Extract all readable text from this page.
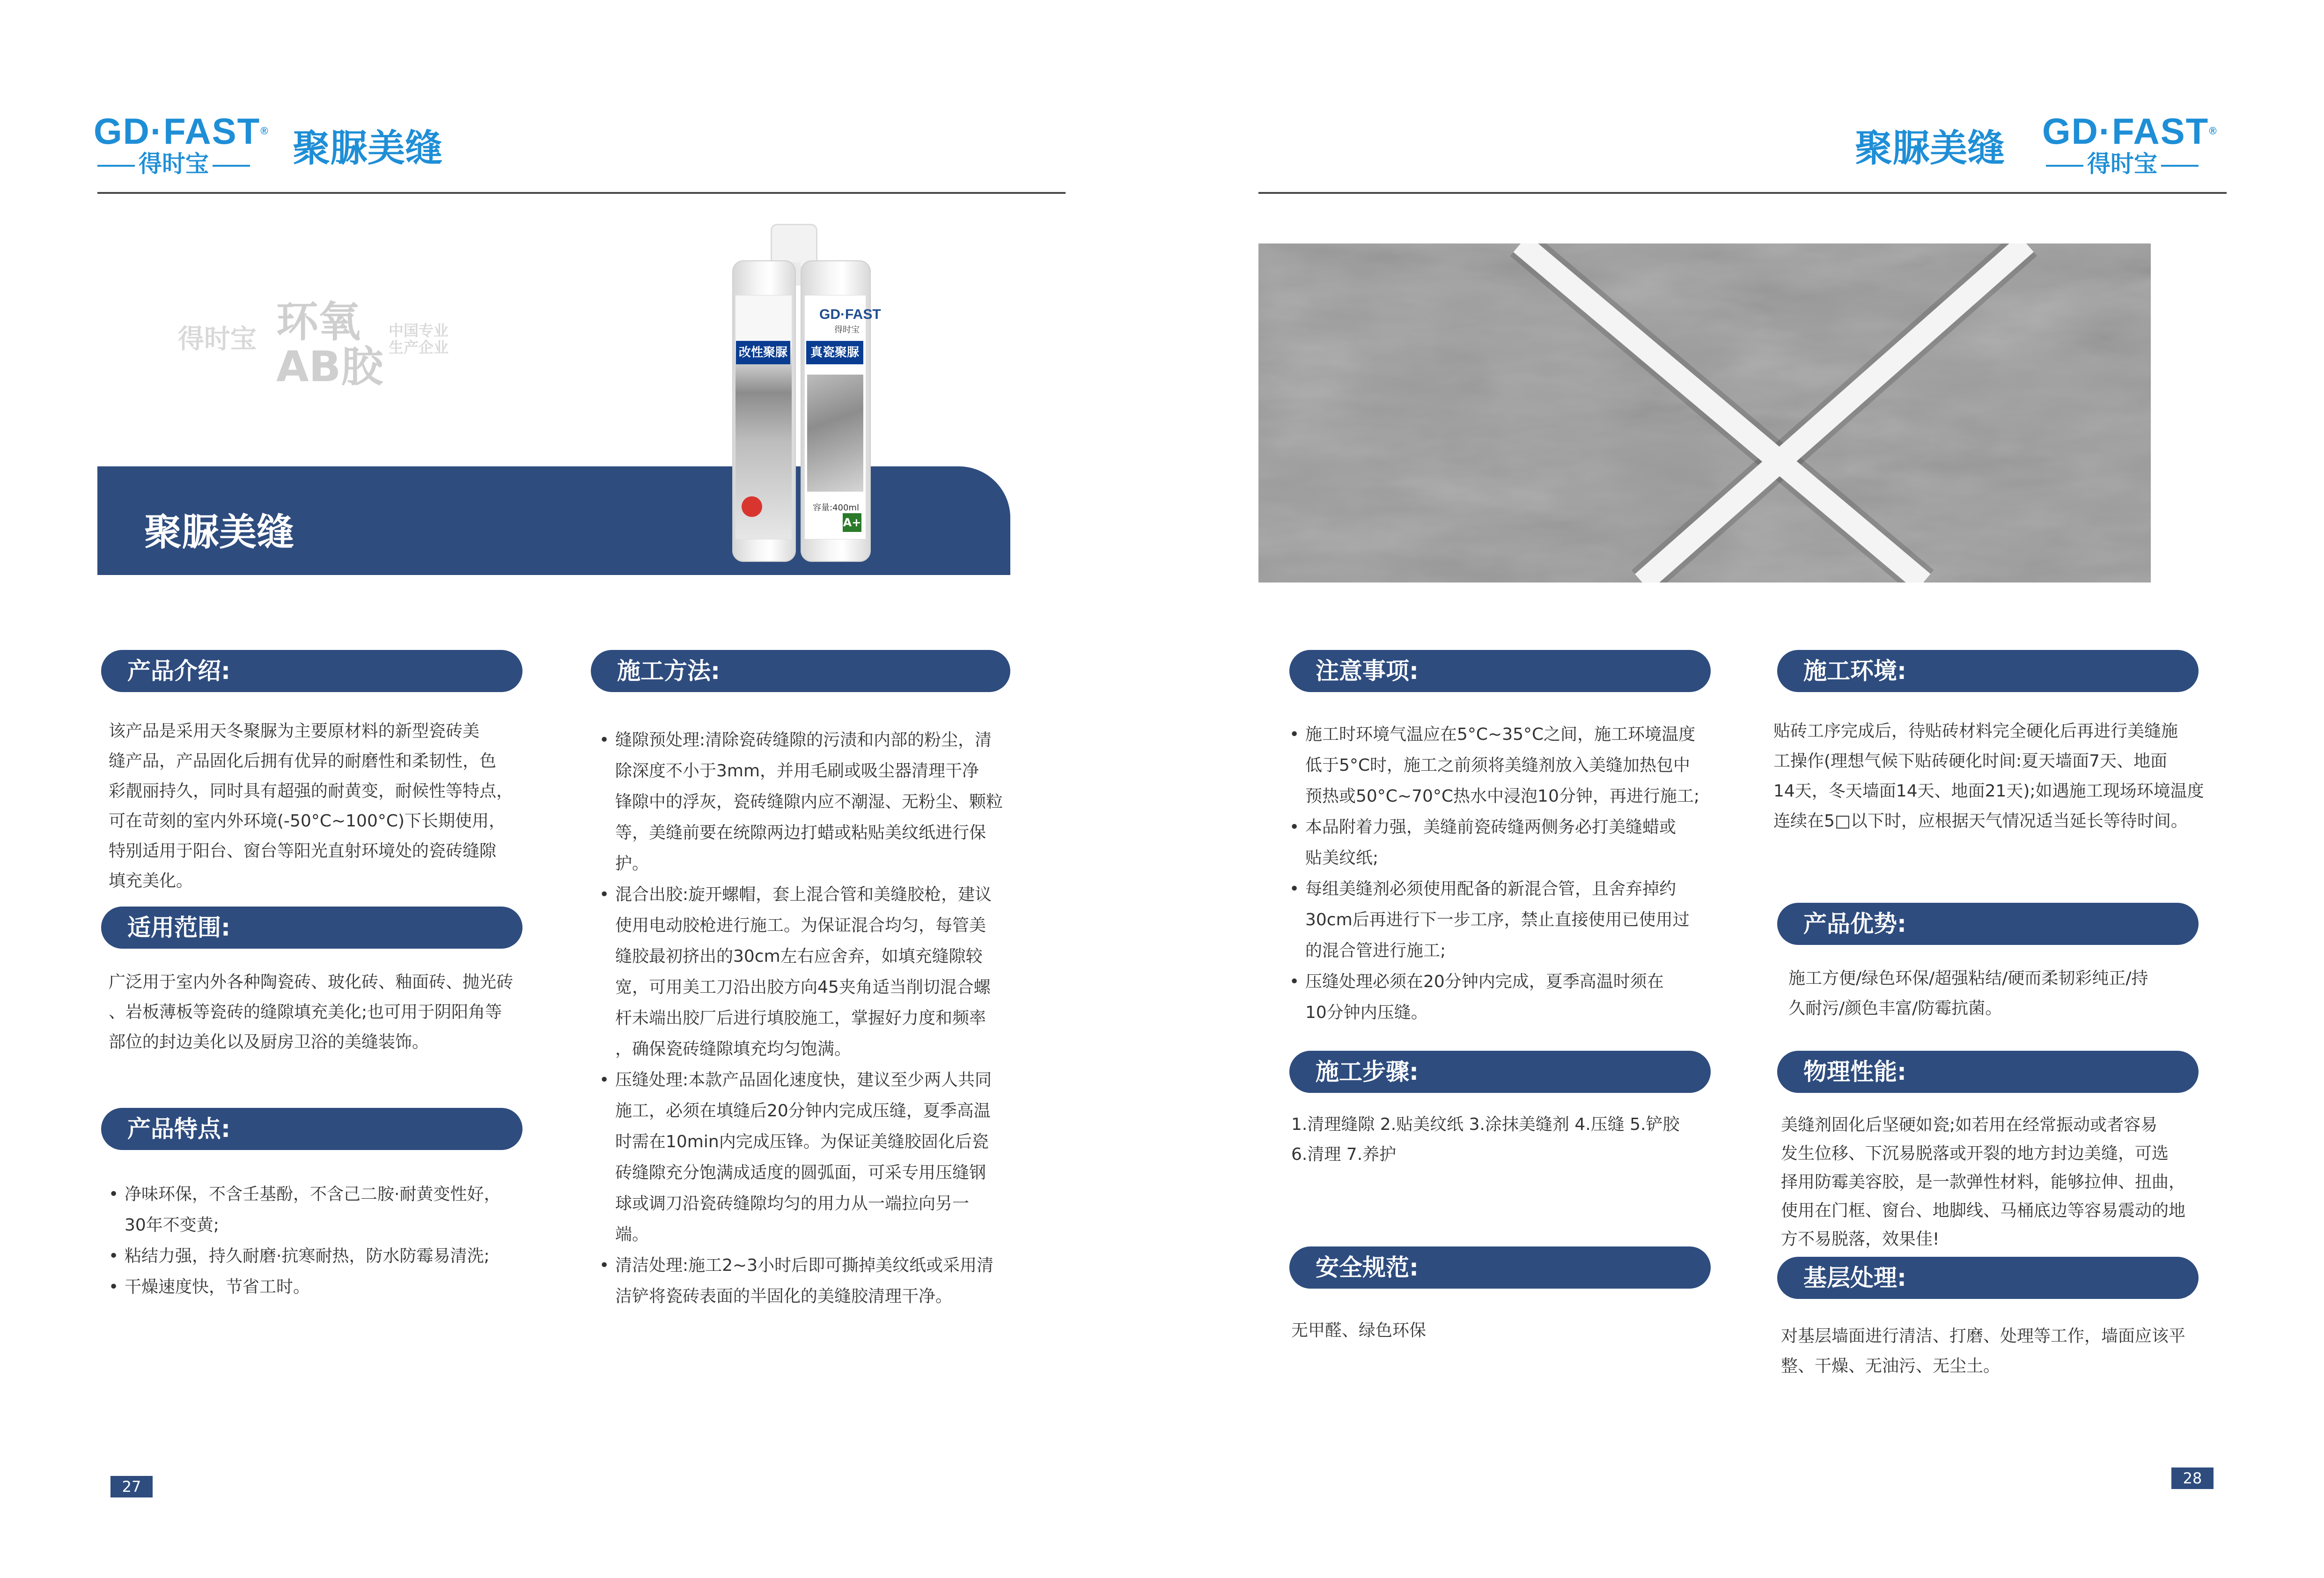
GD·FAST®
得时宝	聚脲美缝
得时宝 环氧AB胶
中国专业
生产企业
聚脲美缝
GD·FAST
得时宝
改性聚脲	真瓷聚脲
容量:400ml
A+
产品介绍:

该产品是采用天冬聚脲为主要原材料的新型瓷砖美

缝产品，产品固化后拥有优异的耐磨性和柔韧性，色

彩靓丽持久，同时具有超强的耐黄变，耐候性等特点，

可在苛刻的室内外环境(-50°C~100°C)下长期使用，

特别适用于阳台、窗台等阳光直射环境处的瓷砖缝隙

填充美化。

适用范围:

广泛用于室内外各种陶瓷砖、玻化砖、釉面砖、抛光砖

、岩板薄板等瓷砖的缝隙填充美化;也可用于阴阳角等

部位的封边美化以及厨房卫浴的美缝装饰。

产品特点:
• 净味环保，不含壬基酚，不含己二胺·耐黄变性好，
30年不变黄;
• 粘结力强，持久耐磨·抗寒耐热，防水防霉易清洗;
• 干燥速度快，节省工时。
施工方法:
• 缝隙预处理:清除瓷砖缝隙的污渍和内部的粉尘，清
除深度不小于3mm，并用毛刷或吸尘器清理干净
锋隙中的浮灰，瓷砖缝隙内应不潮湿、无粉尘、颗粒
等，美缝前要在统隙两边打蜡或粘贴美纹纸进行保
护。
• 混合出胶:旋开螺帽，套上混合管和美缝胶枪，建议
使用电动胶枪进行施工。为保证混合均匀，每管美
缝胶最初挤出的30cm左右应舍弃，如填充缝隙较
宽，可用美工刀沿出胶方向45夹角适当削切混合螺
杆未端出胶厂后进行填胶施工，掌握好力度和频率
，确保瓷砖缝隙填充均匀饱满。
• 压缝处理:本款产品固化速度快，建议至少两人共同
施工，必须在填缝后20分钟内完成压缝，夏季高温
时需在10min内完成压锋。为保证美缝胶固化后瓷
砖缝隙充分饱满成适度的圆弧面，可采专用压缝钢
球或调刀沿瓷砖缝隙均匀的用力从一端拉向另一
端。
• 清洁处理:施工2~3小时后即可撕掉美纹纸或采用清
洁铲将瓷砖表面的半固化的美缝胶清理干净。
27
聚脲美缝 GD·FAST®
得时宝
注意事项:
• 施工时环境气温应在5°C~35°C之间，施工环境温度
低于5°C时，施工之前须将美缝剂放入美缝加热包中
预热或50°C~70°C热水中浸泡10分钟，再进行施工;
• 本品附着力强，美缝前瓷砖缝两侧务必打美缝蜡或
贴美纹纸;
• 每组美缝剂必须使用配备的新混合管，且舍弃掉约
30cm后再进行下一步工序，禁止直接使用已使用过
的混合管进行施工;
• 压缝处理必须在20分钟内完成，夏季高温时须在
10分钟内压缝。
施工步骤:

1.清理缝隙 2.贴美纹纸 3.涂抹美缝剂 4.压缝 5.铲胶

6.清理 7.养护

安全规范:

无甲醛、绿色环保

施工环境:

贴砖工序完成后，待贴砖材料完全硬化后再进行美缝施

工操作(理想气候下贴砖硬化时间:夏天墙面7天、地面

14天，冬天墙面14天、地面21天);如遇施工现场环境温度

连续在5□以下时，应根据天气情况适当延长等待时间。

产品优势:

施工方便/绿色环保/超强粘结/硬而柔韧彩纯正/持

久耐污/颜色丰富/防霉抗菌。

物理性能:

美缝剂固化后坚硬如瓷;如若用在经常振动或者容易

发生位移、下沉易脱落或开裂的地方封边美缝，可选

择用防霉美容胶，是一款弹性材料，能够拉伸、扭曲，

使用在门框、窗台、地脚线、马桶底边等容易震动的地

方不易脱落，效果佳!

基层处理:

对基层墙面进行清洁、打磨、处理等工作，墙面应该平

整、干燥、无油污、无尘土。

28
